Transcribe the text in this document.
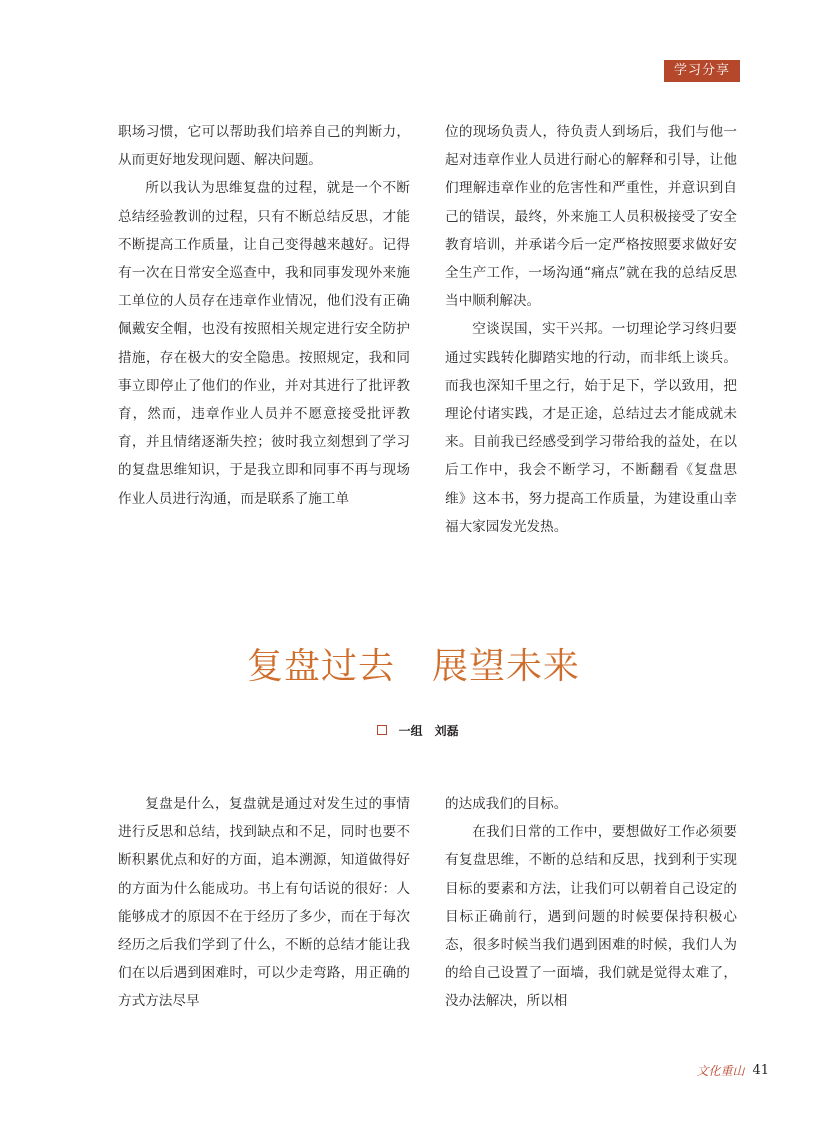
学习分享

职场习惯，它可以帮助我们培养自己的判断力，从而更好地发现问题、解决问题。

所以我认为思维复盘的过程，就是一个不断总结经验教训的过程，只有不断总结反思，才能不断提高工作质量，让自己变得越来越好。记得有一次在日常安全巡查中，我和同事发现外来施工单位的人员存在违章作业情况，他们没有正确佩戴安全帽，也没有按照相关规定进行安全防护措施，存在极大的安全隐患。按照规定，我和同事立即停止了他们的作业，并对其进行了批评教育，然而，违章作业人员并不愿意接受批评教育，并且情绪逐渐失控；彼时我立刻想到了学习的复盘思维知识，于是我立即和同事不再与现场作业人员进行沟通，而是联系了施工单

位的现场负责人，待负责人到场后，我们与他一起对违章作业人员进行耐心的解释和引导，让他们理解违章作业的危害性和严重性，并意识到自己的错误，最终，外来施工人员积极接受了安全教育培训，并承诺今后一定严格按照要求做好安全生产工作，一场沟通“痛点”就在我的总结反思当中顺利解决。

空谈误国，实干兴邦。一切理论学习终归要通过实践转化脚踏实地的行动，而非纸上谈兵。而我也深知千里之行，始于足下，学以致用，把理论付诸实践，才是正途，总结过去才能成就未来。目前我已经感受到学习带给我的益处，在以后工作中，我会不断学习，不断翻看《复盘思维》这本书，努力提高工作质量，为建设重山幸福大家园发光发热。

复盘过去　展望未来

一组　刘磊

复盘是什么，复盘就是通过对发生过的事情进行反思和总结，找到缺点和不足，同时也要不断积累优点和好的方面，追本溯源，知道做得好的方面为什么能成功。书上有句话说的很好：人能够成才的原因不在于经历了多少，而在于每次经历之后我们学到了什么，不断的总结才能让我们在以后遇到困难时，可以少走弯路，用正确的方式方法尽早

的达成我们的目标。

在我们日常的工作中，要想做好工作必须要有复盘思维，不断的总结和反思，找到利于实现目标的要素和方法，让我们可以朝着自己设定的目标正确前行，遇到问题的时候要保持积极心态，很多时候当我们遇到困难的时候，我们人为的给自己设置了一面墙，我们就是觉得太难了，没办法解决，所以相

文化重山 41
